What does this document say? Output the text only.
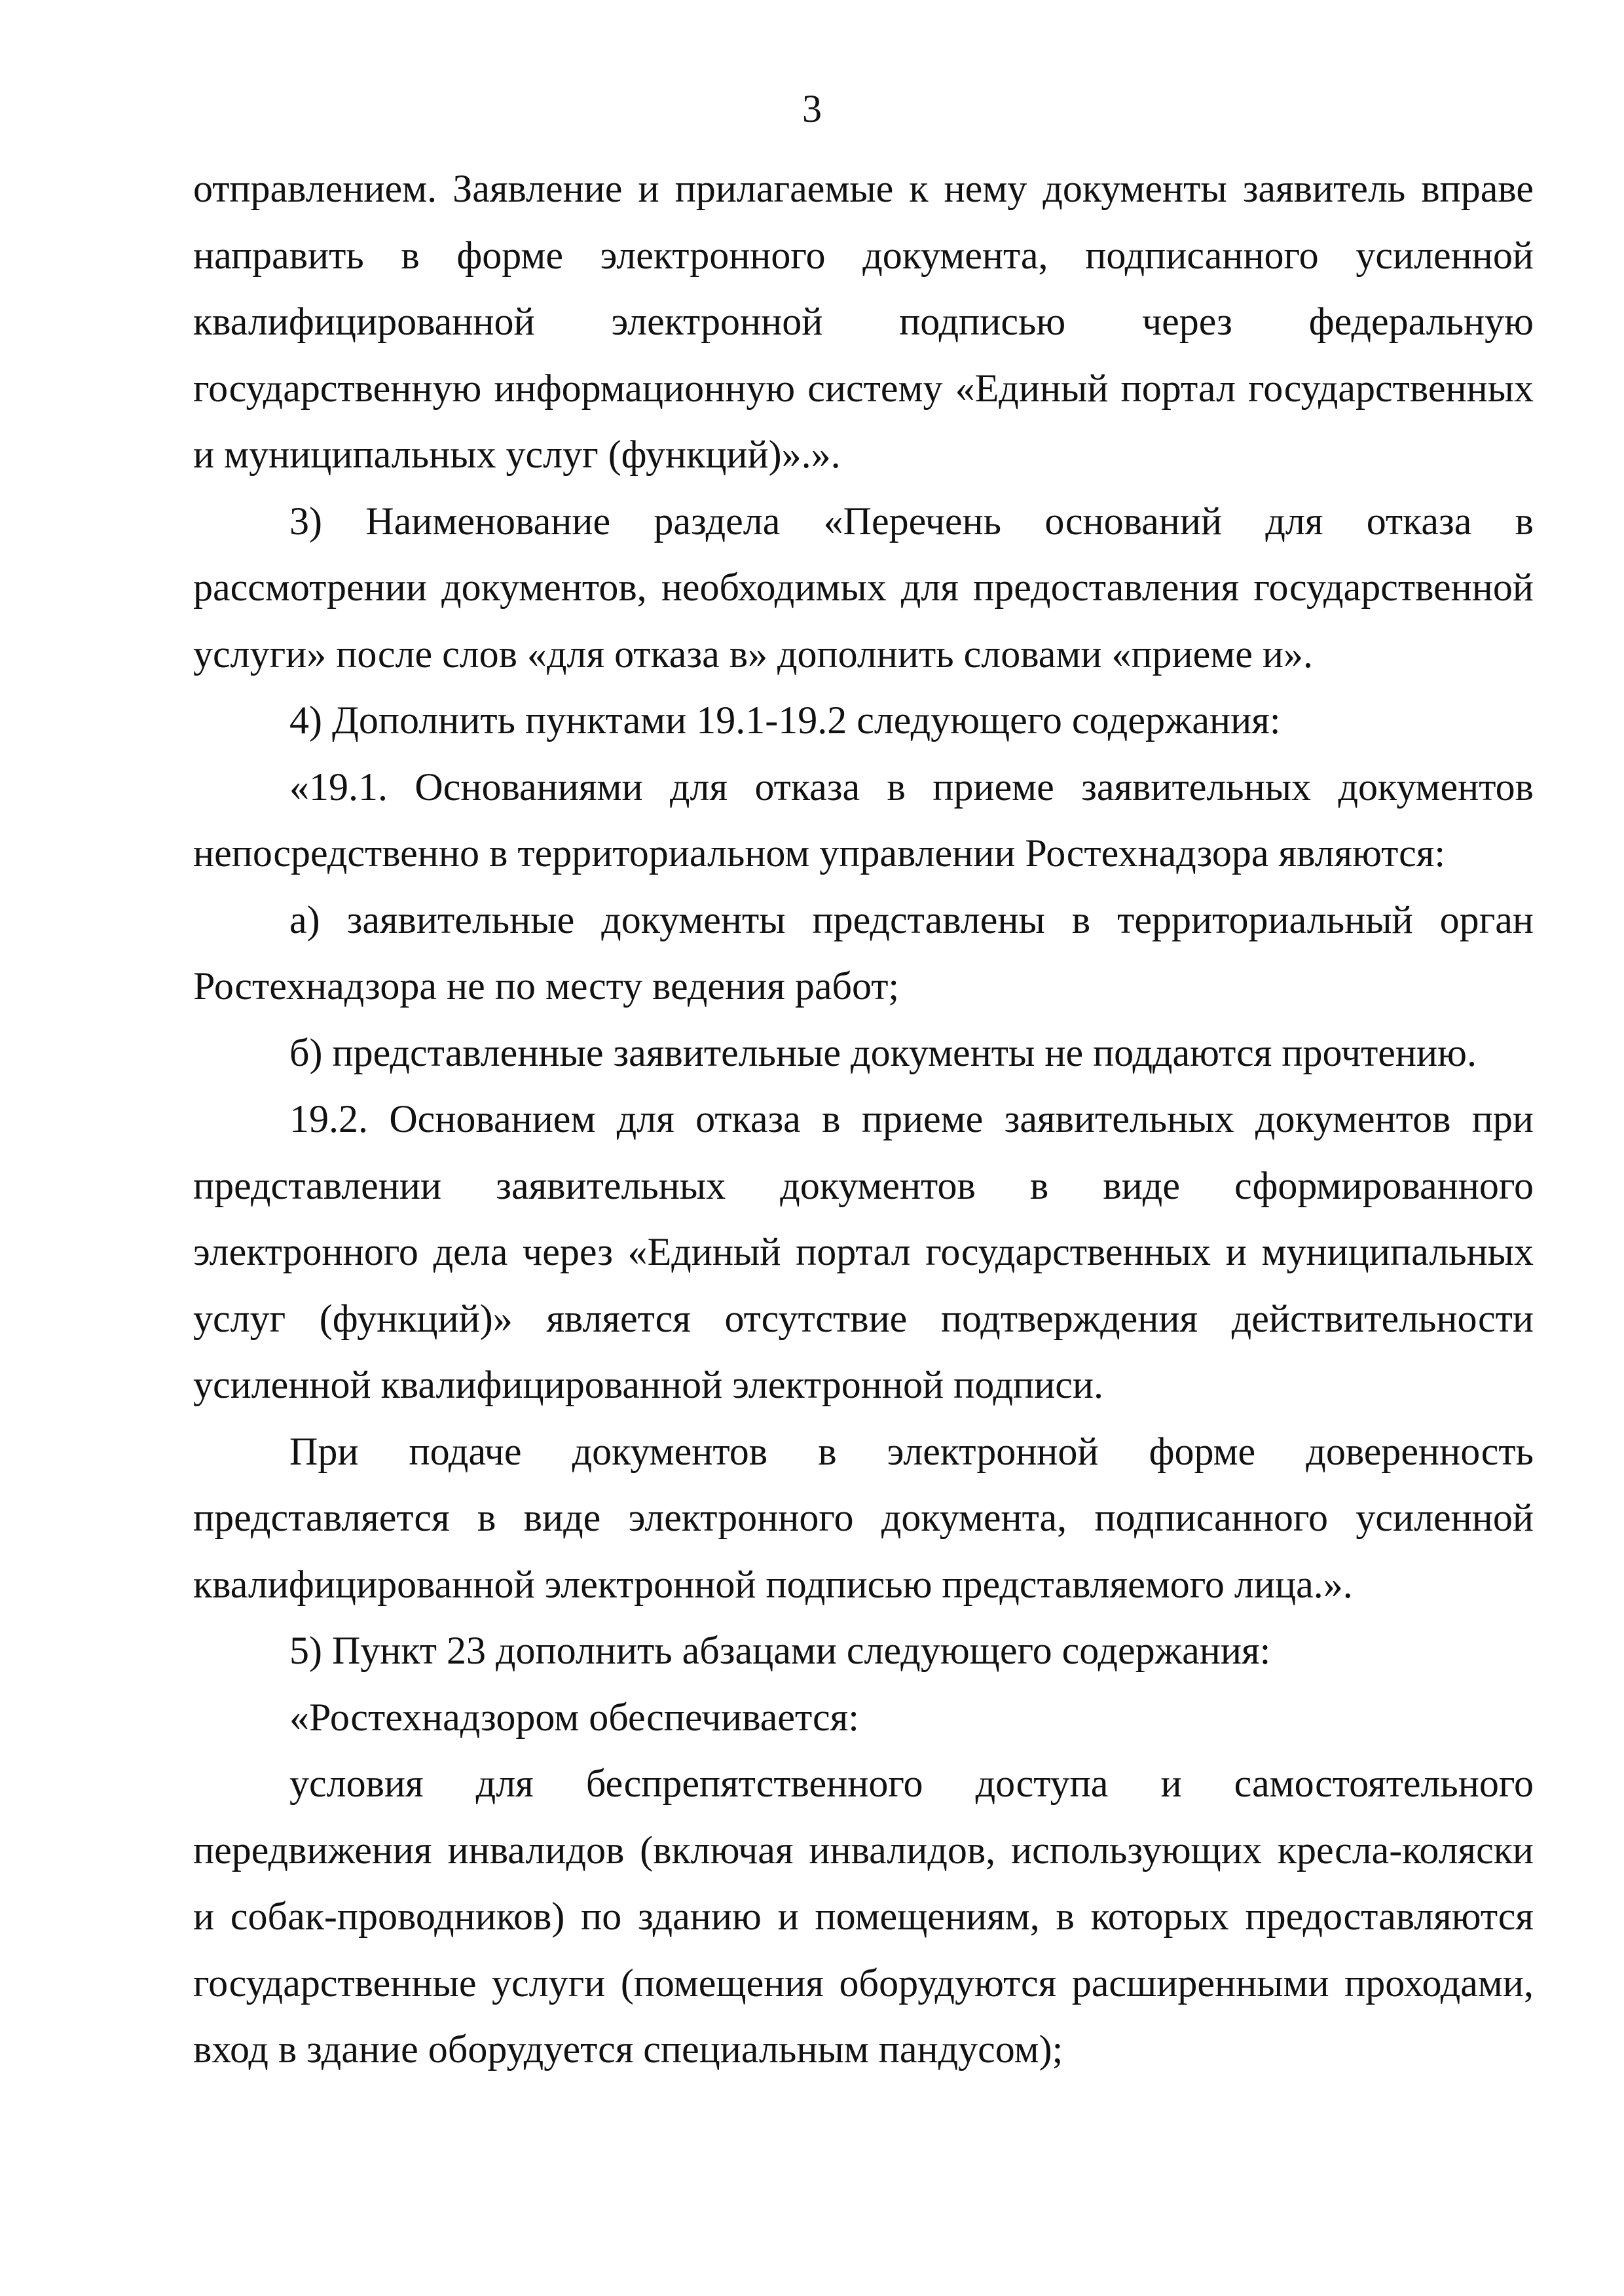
3

отправлением. Заявление и прилагаемые к нему документы заявитель вправе направить в форме электронного документа, подписанного усиленной квалифицированной электронной подписью через федеральную государственную информационную систему «Единый портал государственных и муниципальных услуг (функций)».».

3) Наименование раздела «Перечень оснований для отказа в рассмотрении документов, необходимых для предоставления государственной услуги» после слов «для отказа в» дополнить словами «приеме и».

4) Дополнить пунктами 19.1-19.2 следующего содержания:

«19.1. Основаниями для отказа в приеме заявительных документов непосредственно в территориальном управлении Ростехнадзора являются:

а) заявительные документы представлены в территориальный орган Ростехнадзора не по месту ведения работ;

б) представленные заявительные документы не поддаются прочтению.

19.2. Основанием для отказа в приеме заявительных документов при представлении заявительных документов в виде сформированного электронного дела через «Единый портал государственных и муниципальных услуг (функций)» является отсутствие подтверждения действительности усиленной квалифицированной электронной подписи.

При подаче документов в электронной форме доверенность представляется в виде электронного документа, подписанного усиленной квалифицированной электронной подписью представляемого лица.».

5) Пункт 23 дополнить абзацами следующего содержания:

«Ростехнадзором обеспечивается:

условия для беспрепятственного доступа и самостоятельного передвижения инвалидов (включая инвалидов, использующих кресла-коляски и собак-проводников) по зданию и помещениям, в которых предоставляются государственные услуги (помещения оборудуются расширенными проходами, вход в здание оборудуется специальным пандусом);
